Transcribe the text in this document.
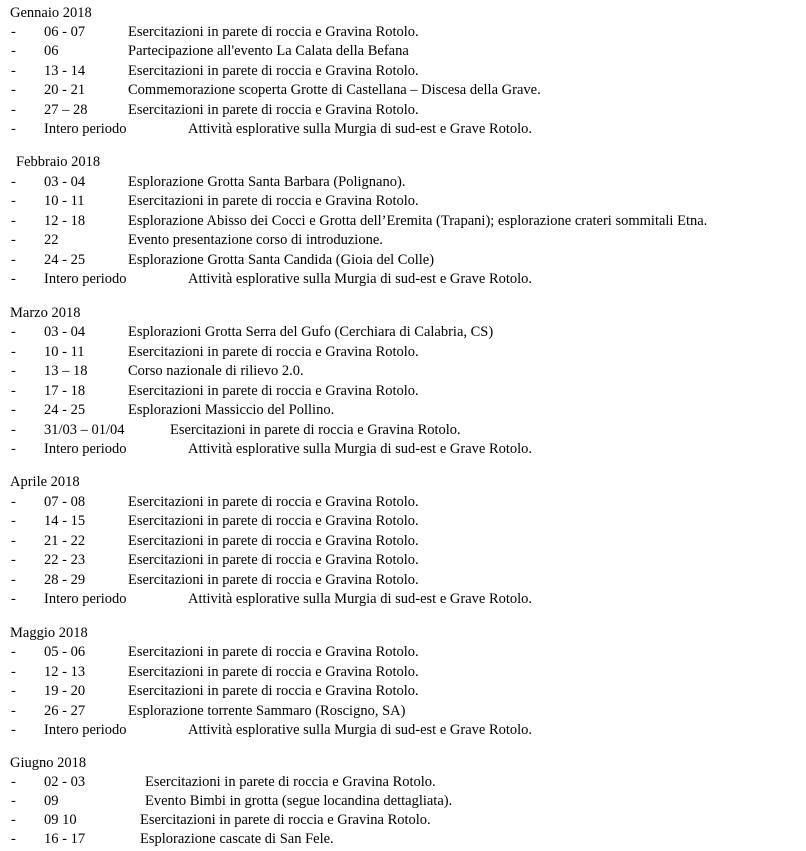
Gennaio 2018
- 06 - 07	Esercitazioni in parete di roccia e Gravina Rotolo.
- 06	Partecipazione all'evento La Calata della Befana
- 13 - 14	Esercitazioni in parete di roccia e Gravina Rotolo.
- 20 - 21	Commemorazione scoperta Grotte di Castellana – Discesa della Grave.
- 27 – 28	Esercitazioni in parete di roccia e Gravina Rotolo.
- Intero periodo	Attività esplorative sulla Murgia di sud-est e Grave Rotolo.
Febbraio 2018
- 03 - 04	Esplorazione Grotta Santa Barbara (Polignano).
- 10 - 11	Esercitazioni in parete di roccia e Gravina Rotolo.
- 12 - 18	Esplorazione Abisso dei Cocci e Grotta dell’Eremita (Trapani); esplorazione crateri sommitali Etna.
- 22	Evento presentazione corso di introduzione.
- 24 - 25	Esplorazione Grotta Santa Candida (Gioia del Colle)
- Intero periodo	Attività esplorative sulla Murgia di sud-est e Grave Rotolo.
Marzo 2018
- 03 - 04	Esplorazioni Grotta Serra del Gufo (Cerchiara di Calabria, CS)
- 10 - 11	Esercitazioni in parete di roccia e Gravina Rotolo.
- 13 – 18	Corso nazionale di rilievo 2.0.
- 17 - 18	Esercitazioni in parete di roccia e Gravina Rotolo.
- 24 - 25	Esplorazioni Massiccio del Pollino.
- 31/03 – 01/04	Esercitazioni in parete di roccia e Gravina Rotolo.
- Intero periodo	Attività esplorative sulla Murgia di sud-est e Grave Rotolo.
Aprile 2018
- 07 - 08	Esercitazioni in parete di roccia e Gravina Rotolo.
- 14 - 15	Esercitazioni in parete di roccia e Gravina Rotolo.
- 21 - 22	Esercitazioni in parete di roccia e Gravina Rotolo.
- 22 - 23	Esercitazioni in parete di roccia e Gravina Rotolo.
- 28 - 29	Esercitazioni in parete di roccia e Gravina Rotolo.
- Intero periodo	Attività esplorative sulla Murgia di sud-est e Grave Rotolo.
Maggio 2018
- 05 - 06	Esercitazioni in parete di roccia e Gravina Rotolo.
- 12 - 13	Esercitazioni in parete di roccia e Gravina Rotolo.
- 19 - 20	Esercitazioni in parete di roccia e Gravina Rotolo.
- 26 - 27	Esplorazione torrente Sammaro (Roscigno, SA)
- Intero periodo	Attività esplorative sulla Murgia di sud-est e Grave Rotolo.
Giugno 2018
- 02 - 03	Esercitazioni in parete di roccia e Gravina Rotolo.
- 09	Evento Bimbi in grotta (segue locandina dettagliata).
- 09 10	Esercitazioni in parete di roccia e Gravina Rotolo.
- 16 - 17	Esplorazione cascate di San Fele.
